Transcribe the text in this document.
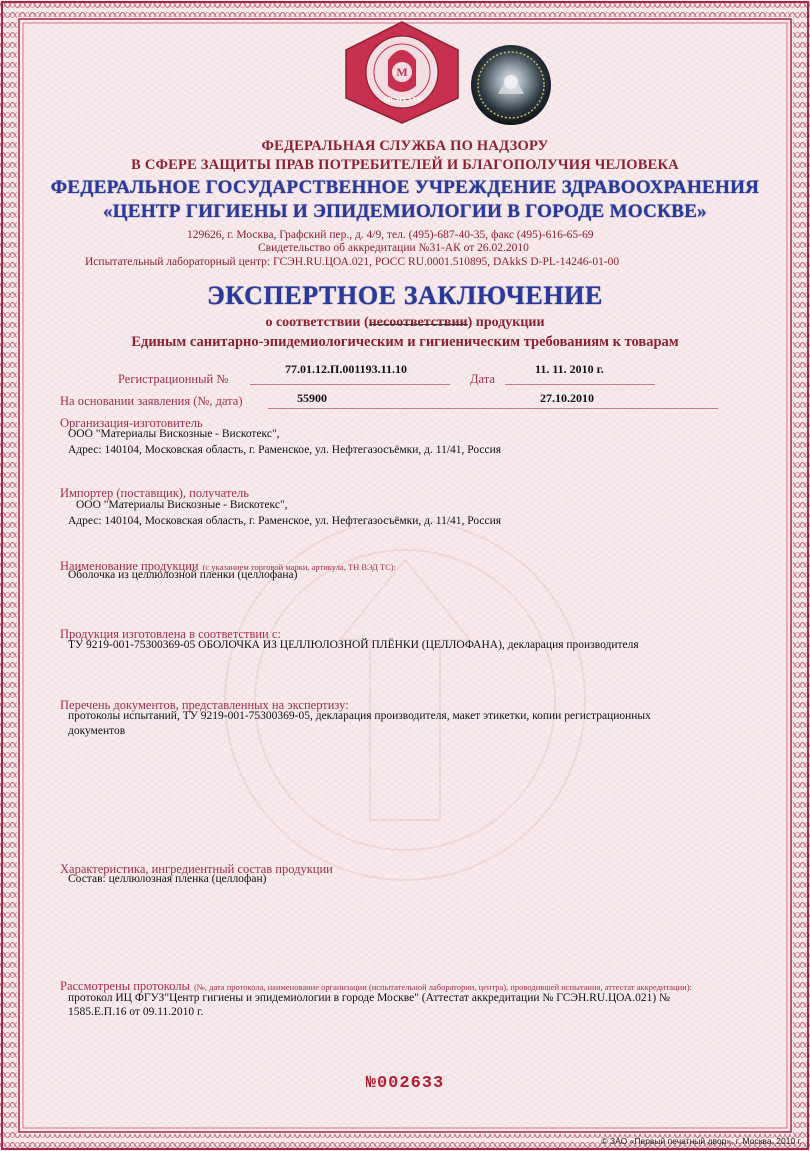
M
MCMXXXV
ФЕДЕРАЛЬНАЯ СЛУЖБА ПО НАДЗОРУ
В СФЕРЕ ЗАЩИТЫ ПРАВ ПОТРЕБИТЕЛЕЙ И БЛАГОПОЛУЧИЯ ЧЕЛОВЕКА
ФЕДЕРАЛЬНОЕ ГОСУДАРСТВЕННОЕ УЧРЕЖДЕНИЕ ЗДРАВООХРАНЕНИЯ
«ЦЕНТР ГИГИЕНЫ И ЭПИДЕМИОЛОГИИ В ГОРОДЕ МОСКВЕ»
129626, г. Москва, Графский пер., д. 4/9, тел. (495)-687-40-35, факс (495)-616-65-69
Свидетельство об аккредитации №31-АК от 26.02.2010
Испытательный лабораторный центр: ГСЭН.RU.ЦОА.021, РОСС RU.0001.510895, DAkkS D-PL-14246-01-00
ЭКСПЕРТНОЕ ЗАКЛЮЧЕНИЕ
о соответствии (несоответствии) продукции
Единым санитарно-эпидемиологическим и гигиеническим требованиям к товарам
Регистрационный №
77.01.12.П.001193.11.10
Дата
11. 11. 2010 г.
На основании заявления (№, дата)	55900	27.10.2010
Организация-изготовитель
ООО "Материалы Вискозные - Вискотекс",
Адрес: 140104, Московская область, г. Раменское, ул. Нефтегазосъёмки, д. 11/41, Россия
Импортер (поставщик), получатель
ООО "Материалы Вискозные - Вискотекс",
Адрес: 140104, Московская область, г. Раменское, ул. Нефтегазосъёмки, д. 11/41, Россия
Наименование продукции (с указанием торговой марки, артикула, ТН ВЭД ТС):
Оболочка из целлюлозной пленки (целлофана)
Продукция изготовлена в соответствии с:
ТУ 9219-001-75300369-05 ОБОЛОЧКА ИЗ ЦЕЛЛЮЛОЗНОЙ ПЛЁНКИ (ЦЕЛЛОФАНА), декларация производителя
Перечень документов, представленных на экспертизу:
протоколы испытаний, ТУ 9219-001-75300369-05, декларация производителя, макет этикетки, копии регистрационных
документов
Характеристика, ингредиентный состав продукции
Состав: целлюлозная пленка (целлофан)
Рассмотрены протоколы (№, дата протокола, наименование организации (испытательной лаборатории, центра), проводившей испытания, аттестат аккредитации):
протокол ИЦ ФГУЗ"Центр гигиены и эпидемиологии в городе Москве" (Аттестат аккредитации № ГСЭН.RU.ЦОА.021) №
1585.Е.П.16 от 09.11.2010 г.
№002633
© ЗАО «Первый печатный двор», г. Москва, 2010 г.
